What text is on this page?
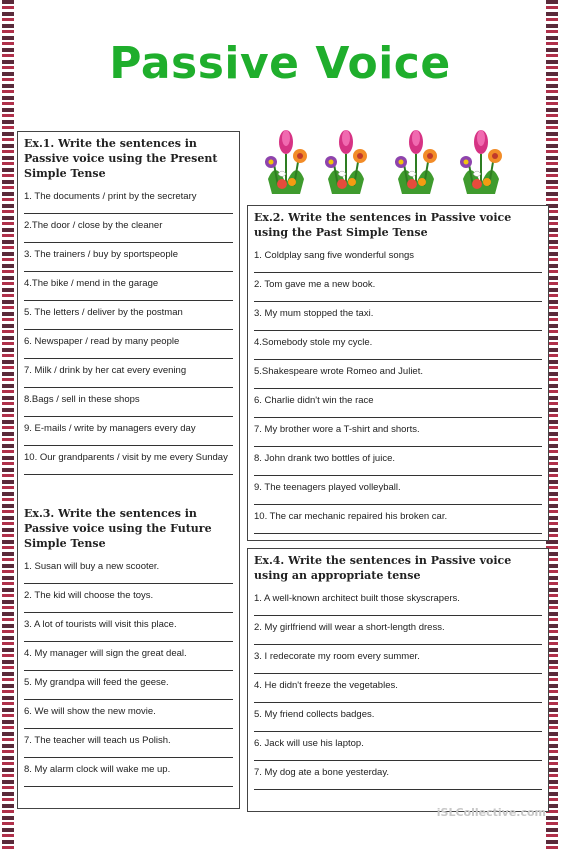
Passive Voice
Ex.1. Write the sentences in Passive voice using the Present Simple Tense
1. The documents / print by the secretary
2.The door / close by the cleaner
3. The trainers / buy by sportspeople
4.The bike / mend in the garage
5. The letters / deliver by the postman
6. Newspaper / read by many people
7. Milk / drink by her cat every evening
8.Bags / sell in these shops
9. E-mails / write by managers every day
10. Our grandparents / visit by me every Sunday
Ex.3. Write the sentences in Passive voice using the Future Simple Tense
1. Susan will buy a new scooter.
2. The kid will choose the toys.
3. A lot of tourists will visit this place.
4. My manager will sign the great deal.
5. My grandpa will feed the geese.
6. We will show the new movie.
7. The teacher will teach us Polish.
8. My alarm clock will wake me up.
Ex.2. Write the sentences in Passive voice using the Past Simple Tense
1. Coldplay sang five wonderful songs
2. Tom gave me a new book.
3. My mum stopped the taxi.
4.Somebody stole my cycle.
5.Shakespeare wrote Romeo and Juliet.
6. Charlie didn't win the race
7. My brother wore a T-shirt and shorts.
8. John drank two bottles of juice.
9. The teenagers played volleyball.
10. The car mechanic repaired his broken car.
Ex.4. Write the sentences in Passive voice using an appropriate tense
1. A well-known architect built those skyscrapers.
2. My girlfriend will wear a short-length dress.
3. I redecorate my room every summer.
4. He didn't freeze the vegetables.
5. My friend collects badges.
6. Jack will use his laptop.
7. My dog ate a bone yesterday.
iSLCollective.com
